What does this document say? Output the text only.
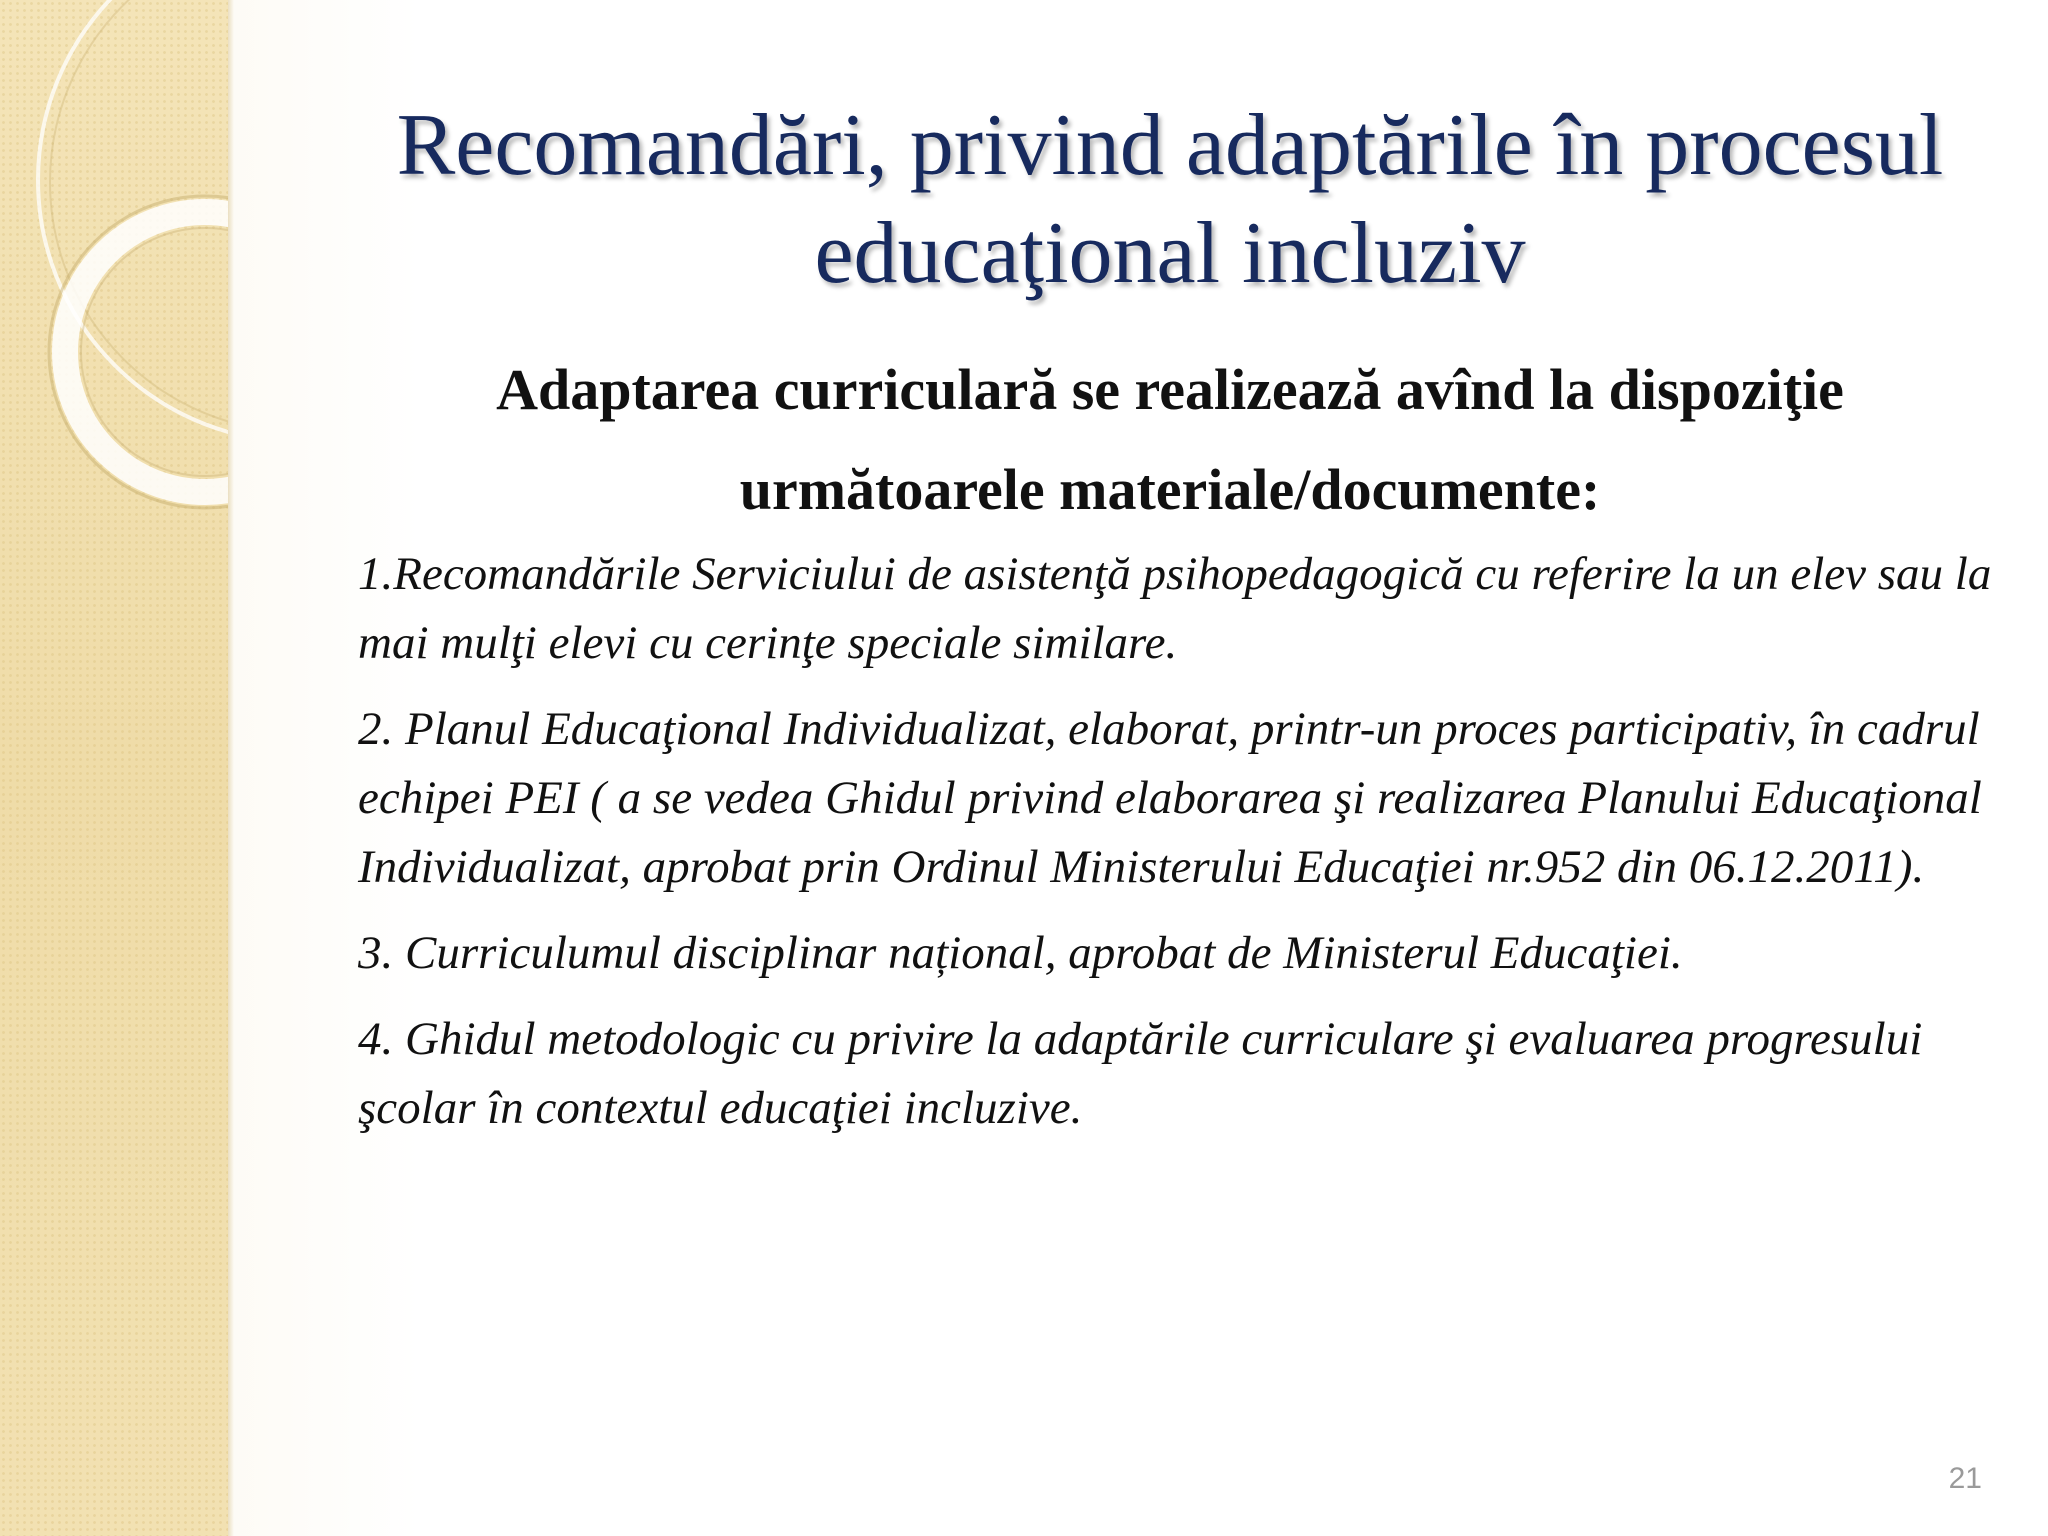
Recomandări, privind adaptările în procesul educaţional incluziv

Adaptarea curriculară se realizează avînd la dispoziţie următoarele materiale/documente:

1.Recomandările Serviciului de asistenţă psihopedagogică cu referire la un elev sau la mai mulţi elevi cu cerinţe speciale similare.

2. Planul Educaţional Individualizat, elaborat, printr-un proces participativ, în cadrul echipei PEI ( a se vedea Ghidul privind elaborarea şi realizarea Planului Educaţional Individualizat, aprobat prin Ordinul Ministerului Educaţiei nr.952 din 06.12.2011).

3. Curriculumul disciplinar național, aprobat de Ministerul Educaţiei.

4. Ghidul metodologic cu privire la adaptările curriculare şi evaluarea progresului şcolar în contextul educaţiei incluzive.

21
